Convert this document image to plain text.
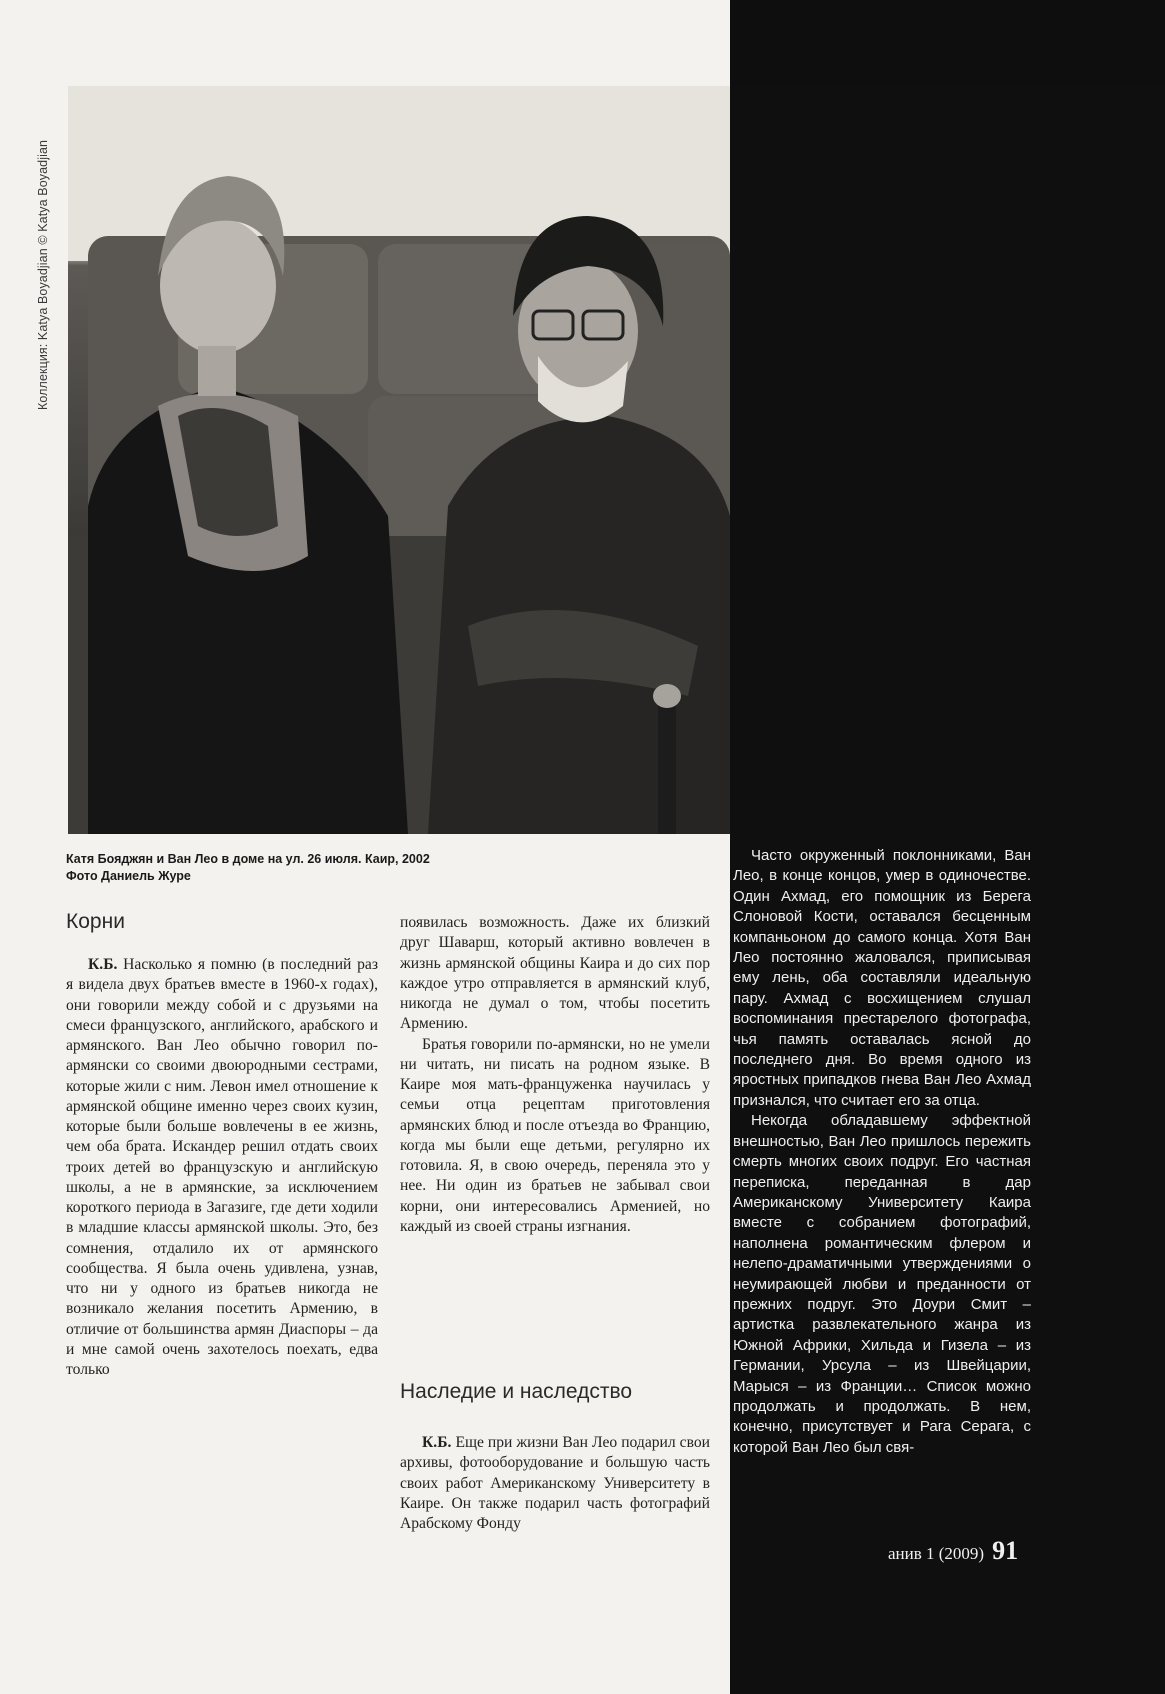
Коллекция: Katya Boyadjian © Katya Boyadjian
Катя Бояджян и Ван Лео в доме на ул. 26 июля. Каир, 2002
Фото Даниель Журе
Корни

К.Б. Насколько я помню (в последний раз я видела двух братьев вместе в 1960-х годах), они говорили между собой и с друзьями на смеси французского, английского, арабского и армянского. Ван Лео обычно говорил по-армянски со своими двоюродными сестрами, которые жили с ним. Левон имел отношение к армянской общине именно через своих кузин, которые были больше вовлечены в ее жизнь, чем оба брата. Искандер решил отдать своих троих детей во французскую и английскую школы, а не в армянские, за исключением короткого периода в Загазиге, где дети ходили в младшие классы армянской школы. Это, без сомнения, отдалило их от армянского сообщества. Я была очень удивлена, узнав, что ни у одного из братьев никогда не возникало желания посетить Армению, в отличие от большинства армян Диаспоры – да и мне самой очень захотелось поехать, едва только

появилась возможность. Даже их близкий друг Шаварш, который активно вовлечен в жизнь армянской общины Каира и до сих пор каждое утро отправляется в армянский клуб, никогда не думал о том, чтобы посетить Армению.

Братья говорили по-армянски, но не умели ни читать, ни писать на родном языке. В Каире моя мать-француженка научилась у семьи отца рецептам приготовления армянских блюд и после отъезда во Францию, когда мы были еще детьми, регулярно их готовила. Я, в свою очередь, переняла это у нее. Ни один из братьев не забывал свои корни, они интересовались Арменией, но каждый из своей страны изгнания.

Наследие и наследство

К.Б. Еще при жизни Ван Лео подарил свои архивы, фотооборудование и большую часть своих работ Американскому Университету в Каире. Он также подарил часть фотографий Арабскому Фонду

Часто окруженный поклонниками, Ван Лео, в конце концов, умер в одиночестве. Один Ахмад, его помощник из Берега Слоновой Кости, оставался бесценным компаньоном до самого конца. Хотя Ван Лео постоянно жаловался, приписывая ему лень, оба составляли идеальную пару. Ахмад с восхищением слушал воспоминания престарелого фотографа, чья память оставалась ясной до последнего дня. Во время одного из яростных припадков гнева Ван Лео Ахмад признался, что считает его за отца.

Некогда обладавшему эффектной внешностью, Ван Лео пришлось пережить смерть многих своих подруг. Его частная переписка, переданная в дар Американскому Университету Каира вместе с собранием фотографий, наполнена романтическим флером и нелепо-драматичными утверждениями о неумирающей любви и преданности от прежних подруг. Это Доури Смит – артистка развлекательного жанра из Южной Африки, Хильда и Гизела – из Германии, Урсула – из Швейцарии, Марыся – из Франции… Список можно продолжать и продолжать. В нем, конечно, присутствует и Рага Серага, с которой Ван Лео был свя-

анив 1 (2009) 91
